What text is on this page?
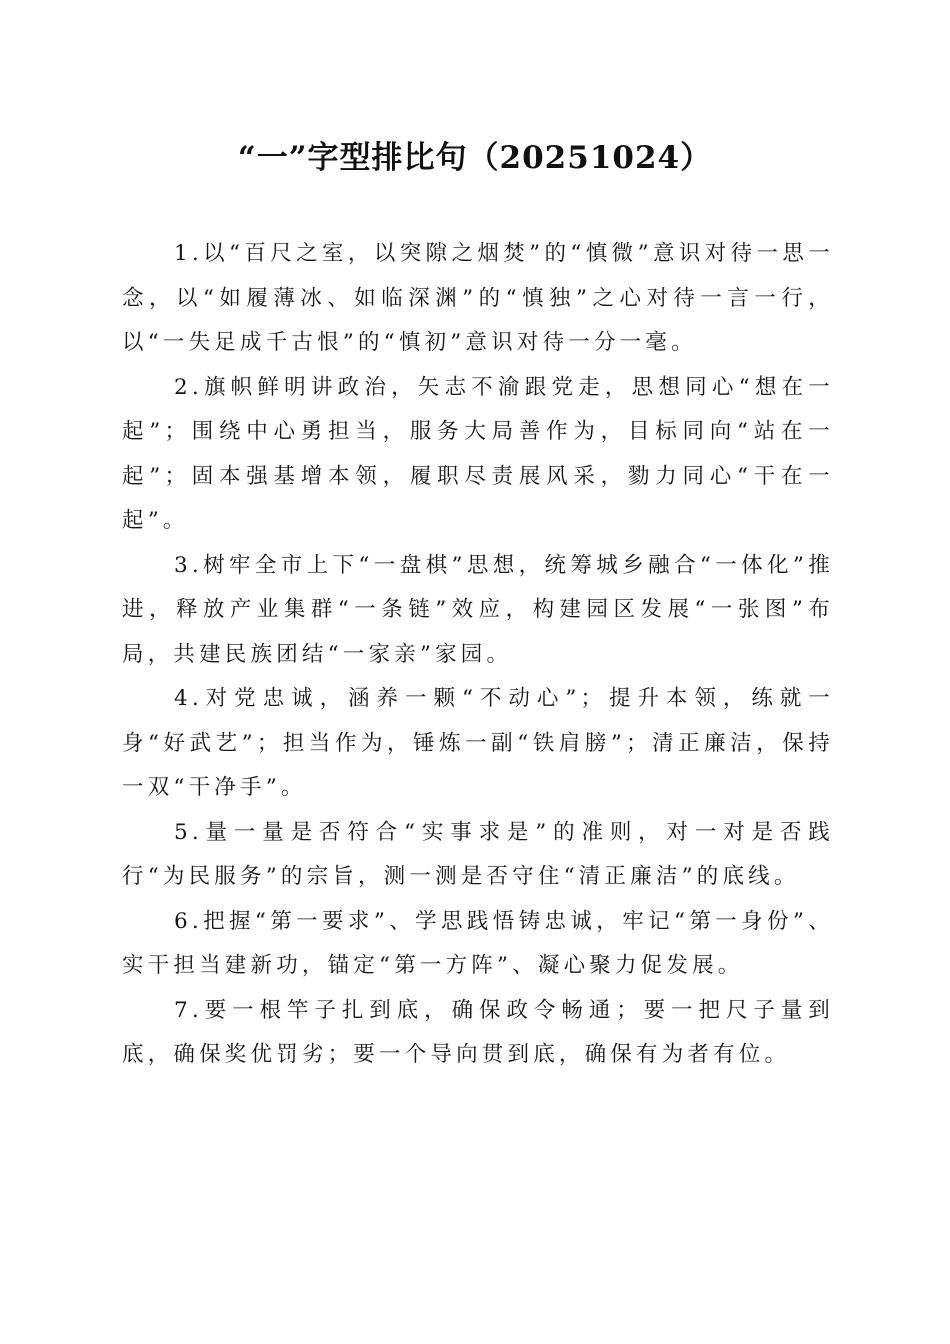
“一”字型排比句（20251024）

1.以“百尺之室，以突隙之烟焚”的“慎微”意识对待一思一念，以“如履薄冰、如临深渊”的“慎独”之心对待一言一行，以“一失足成千古恨”的“慎初”意识对待一分一毫。

2.旗帜鲜明讲政治，矢志不渝跟党走，思想同心“想在一起”；围绕中心勇担当，服务大局善作为，目标同向“站在一起”；固本强基增本领，履职尽责展风采，勠力同心“干在一起”。

3.树牢全市上下“一盘棋”思想，统筹城乡融合“一体化”推进，释放产业集群“一条链”效应，构建园区发展“一张图”布局，共建民族团结“一家亲”家园。

4.对党忠诚，涵养一颗“不动心”；提升本领，练就一身“好武艺”；担当作为，锤炼一副“铁肩膀”；清正廉洁，保持一双“干净手”。

5.量一量是否符合“实事求是”的准则，对一对是否践行“为民服务”的宗旨，测一测是否守住“清正廉洁”的底线。

6.把握“第一要求”、学思践悟铸忠诚，牢记“第一身份”、实干担当建新功，锚定“第一方阵”、凝心聚力促发展。

7.要一根竿子扎到底，确保政令畅通；要一把尺子量到底，确保奖优罚劣；要一个导向贯到底，确保有为者有位。
